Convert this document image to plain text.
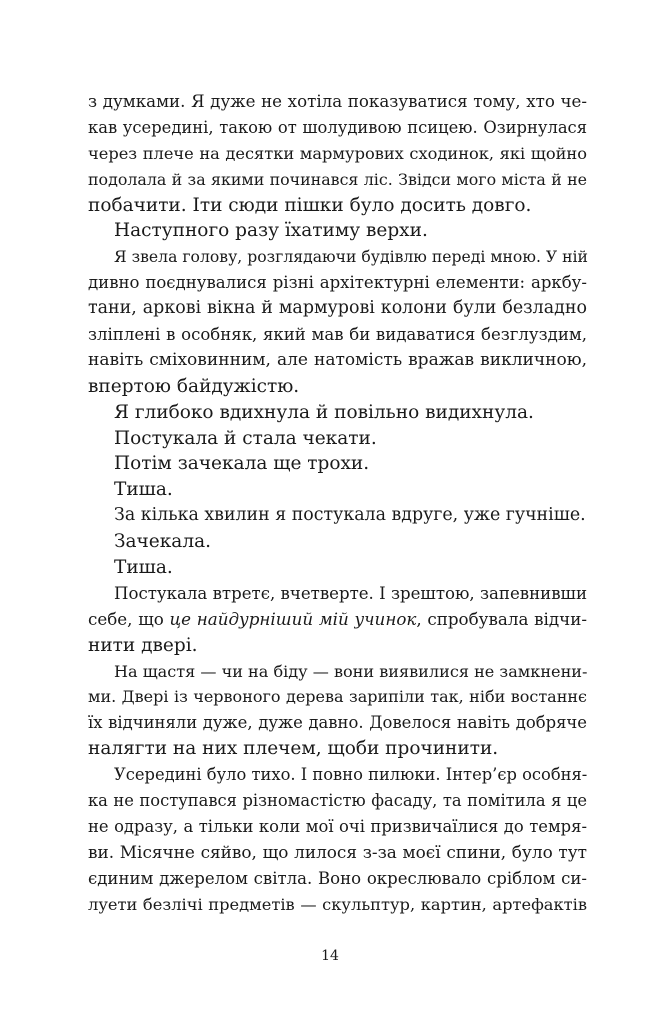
з думками. Я дуже не хотіла показуватися тому, хто че-
кав усередині, такою от шолудивою псицею. Озирнулася
через плече на десятки мармурових сходинок, які щойно
подолала й за якими починався ліс. Звідси мого міста й не
побачити. Іти сюди пішки було досить довго.
Наступного разу їхатиму верхи.
Я звела голову, розглядаючи будівлю переді мною. У ній
дивно поєднувалися різні архітектурні елементи: аркбу-
тани, аркові вікна й мармурові колони були безладно
зліплені в особняк, який мав би видаватися безглуздим,
навіть сміховинним, але натомість вражав викличною,
впертою байдужістю.
Я глибоко вдихнула й повільно видихнула.
Постукала й стала чекати.
Потім зачекала ще трохи.
Тиша.
За кілька хвилин я постукала вдруге, уже гучніше.
Зачекала.
Тиша.
Постукала втретє, вчетверте. І зрештою, запевнивши
себе, що це найдурніший мій учинок, спробувала відчи-
нити двері.
На щастя — чи на біду — вони виявилися не замкнени-
ми. Двері із червоного дерева зарипіли так, ніби востаннє
їх відчиняли дуже, дуже давно. Довелося навіть добряче
налягти на них плечем, щоби прочинити.
Усередині було тихо. І повно пилюки. Інтер’єр особня-
ка не поступався різномастістю фасаду, та помітила я це
не одразу, а тільки коли мої очі призвичаїлися до темря-
ви. Місячне сяйво, що лилося з-за моєї спини, було тут
єдиним джерелом світла. Воно окреслювало сріблом си-
луети безлічі предметів — скульптур, картин, артефактів
14
